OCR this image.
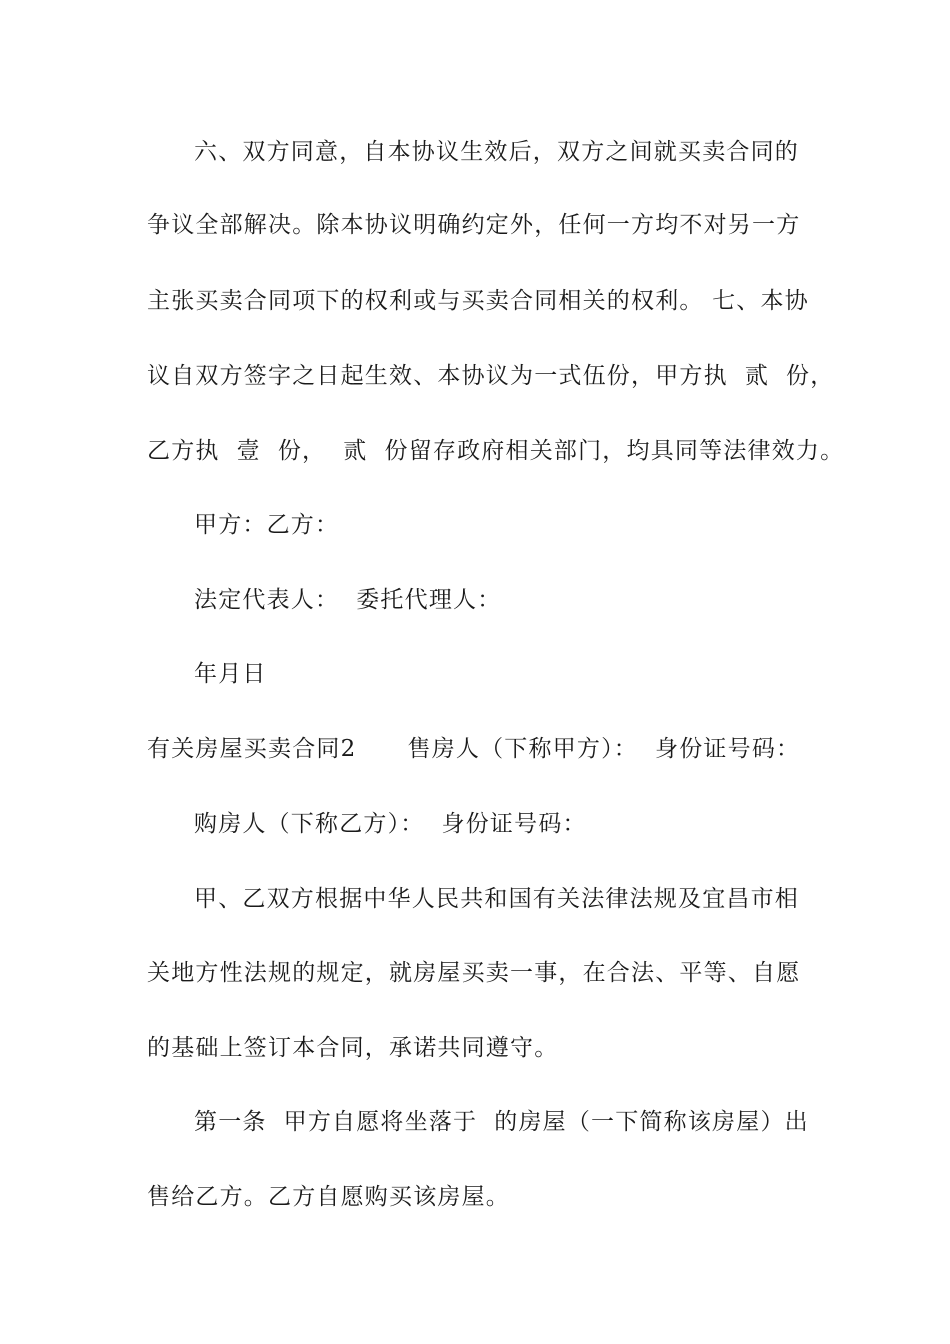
六、双方同意，自本协议生效后，双方之间就买卖合同的
争议全部解决。除本协议明确约定外，任何一方均不对另一方
主张买卖合同项下的权利或与买卖合同相关的权利。 七、本协
议自双方签字之日起生效、本协议为一式伍份，甲方执  贰  份，
乙方执  壹  份，  贰  份留存政府相关部门，均具同等法律效力。
甲方：乙方：
法定代表人：  委托代理人：
年月日
有关房屋买卖合同2      售房人（下称甲方）：  身份证号码：
购房人（下称乙方）：  身份证号码：
甲、乙双方根据中华人民共和国有关法律法规及宜昌市相
关地方性法规的规定，就房屋买卖一事，在合法、平等、自愿
的基础上签订本合同，承诺共同遵守。
第一条  甲方自愿将坐落于  的房屋（一下简称该房屋）出
售给乙方。乙方自愿购买该房屋。
